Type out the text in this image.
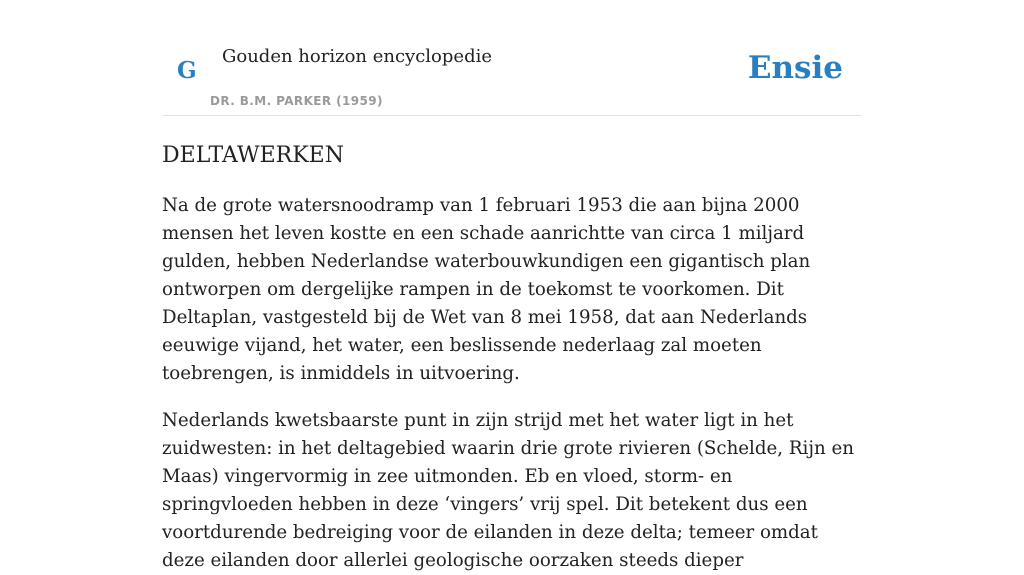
G
Gouden horizon encyclopedie
DR. B.M. PARKER (1959)
Ensie
DELTAWERKEN

Na de grote watersnoodramp van 1 februari 1953 die aan bijna 2000 mensen het leven kostte en een schade aanrichtte van circa 1 miljard gulden, hebben Nederlandse waterbouwkundigen een gigantisch plan ontworpen om dergelijke rampen in de toekomst te voorkomen. Dit Deltaplan, vastgesteld bij de Wet van 8 mei 1958, dat aan Nederlands eeuwige vijand, het water, een beslissende nederlaag zal moeten toebrengen, is inmiddels in uitvoering.

Nederlands kwetsbaarste punt in zijn strijd met het water ligt in het zuidwesten: in het deltagebied waarin drie grote rivieren (Schelde, Rijn en Maas) vingervormig in zee uitmonden. Eb en vloed, storm- en springvloeden hebben in deze ‘vingers’ vrij spel. Dit betekent dus een voortdurende bedreiging voor de eilanden in deze delta; temeer omdat deze eilanden door allerlei geologische oorzaken steeds dieper
